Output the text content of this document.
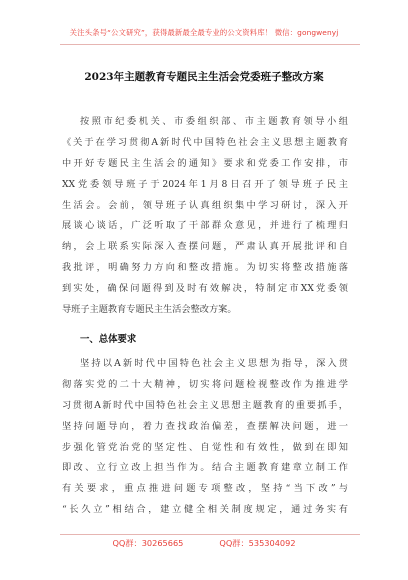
关注头条号“公文研究”，获得最新最全最专业的公文资料库！ 微信：gongwenyj
2023年主题教育专题民主生活会党委班子整改方案
按照市纪委机关、市委组织部、市主题教育领导小组
《关于在学习贯彻A新时代中国特色社会主义思想主题教育
中开好专题民主生活会的通知》要求和党委工作安排，市
XX党委领导班子于2024年1月8日召开了领导班子民主
生活会。会前，领导班子认真组织集中学习研讨，深入开
展谈心谈话，广泛听取了干部群众意见，并进行了梳理归
纳，会上联系实际深入查摆问题，严肃认真开展批评和自
我批评，明确努力方向和整改措施。为切实将整改措施落
到实处，确保问题得到及时有效解决，特制定市XX党委领
导班子主题教育专题民主生活会整改方案。
一、总体要求
坚持以A新时代中国特色社会主义思想为指导，深入贯
彻落实党的二十大精神，切实将问题检视整改作为推进学
习贯彻A新时代中国特色社会主义思想主题教育的重要抓手，
坚持问题导向，着力查找政治偏差，查摆解决问题，进一
步强化管党治党的坚定性、自觉性和有效性，做到在即知
即改、立行立改上担当作为。结合主题教育建章立制工作
有关要求，重点推进问题专项整改，坚持“当下改”与
“长久立”相结合，建立健全相关制度规定，通过务实有
QQ群：30265665	QQ群：535304092
